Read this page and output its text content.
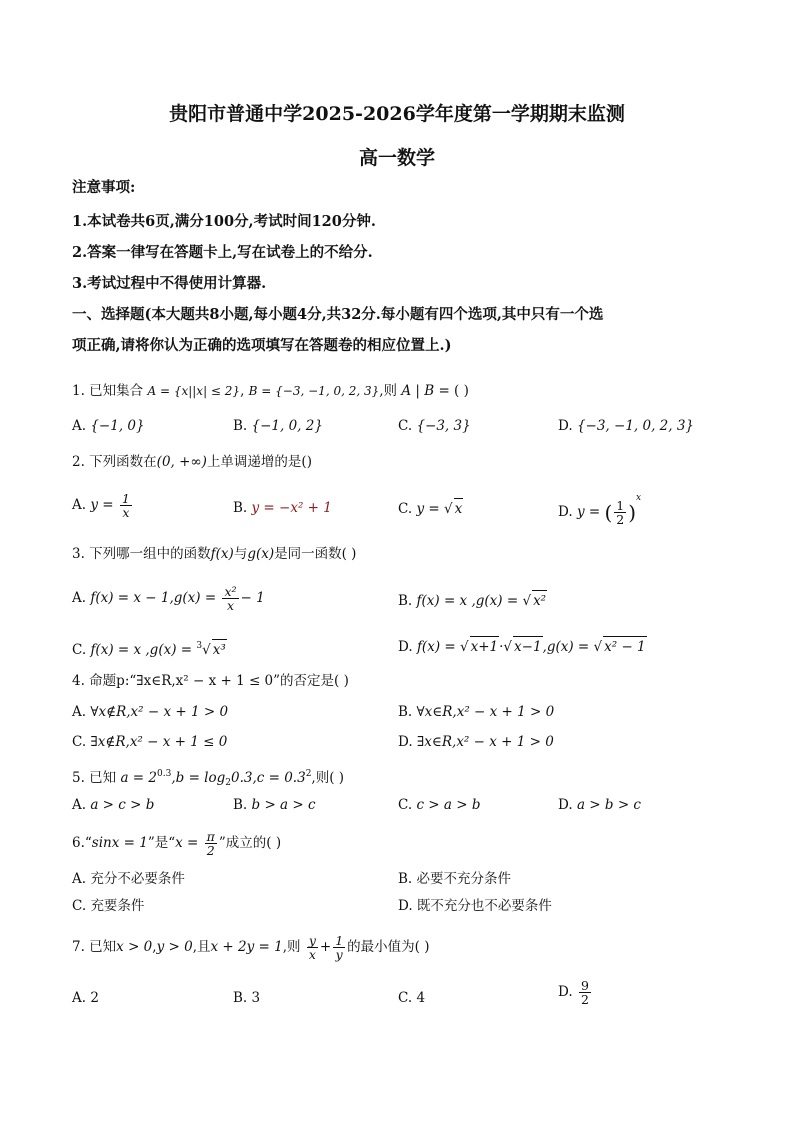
贵阳市普通中学2025-2026学年度第一学期期末监测
高一数学
注意事项:
1.本试卷共6页,满分100分,考试时间120分钟.
2.答案一律写在答题卡上,写在试卷上的不给分.
3.考试过程中不得使用计算器.
一、选择题(本大题共8小题,每小题4分,共32分.每小题有四个选项,其中只有一个选
项正确,请将你认为正确的选项填写在答题卷的相应位置上.)
1. 已知集合 A = {x||x| ≤ 2}, B = {−3, −1, 0, 2, 3},则 A | B = ( )
A. {−1, 0}	B. {−1, 0, 2}	C. {−3, 3}	D. {−3, −1, 0, 2, 3}
2. 下列函数在(0, +∞)上单调递增的是()
A. $y = \frac{1}{x}$	B. y = −x² + 1	C. y = √ x	D. y = ( $\frac{1}{2} )^x$
3. 下列哪一组中的函数f(x)与g(x)是同一函数( )
A. $f(x) = x - 1,g(x) = \frac{\text{x²}}{x} - 1$	B. f(x) = x ,g(x) = √ x²
C. f(x) = x ,g(x) = $^3$√ x³	D. f(x) = √ x+1·√ x−1,g(x) = √ x² − 1
4. 命题p:“∃x∈R,x² − x + 1 ≤ 0”的否定是( )
A. ∀x∉R,x² − x + 1 > 0	B. ∀x∈R,x² − x + 1 > 0
C. ∃x∉R,x² − x + 1 ≤ 0	D. ∃x∈R,x² − x + 1 > 0
5. 已知 $a = 2^{0.3},b = \log_20.3,c = 0.3^2$,则( )
A. a > c > b	B. b > a > c	C. c > a > b	D. a > b > c
6.“sinx = 1”是“$x = \frac{\pi}{2}$ ”成立的( )
A. 充分不必要条件	B. 必要不充分条件
C. 充要条件	D. 既不充分也不必要条件
7. 已知x > 0,y > 0,且x + 2y = 1,则 $\frac{y}{x} + \frac{1}{y}$ 的最小值为( )
A. 2	B. 3	C. 4	D. $\frac{9}{2}$
